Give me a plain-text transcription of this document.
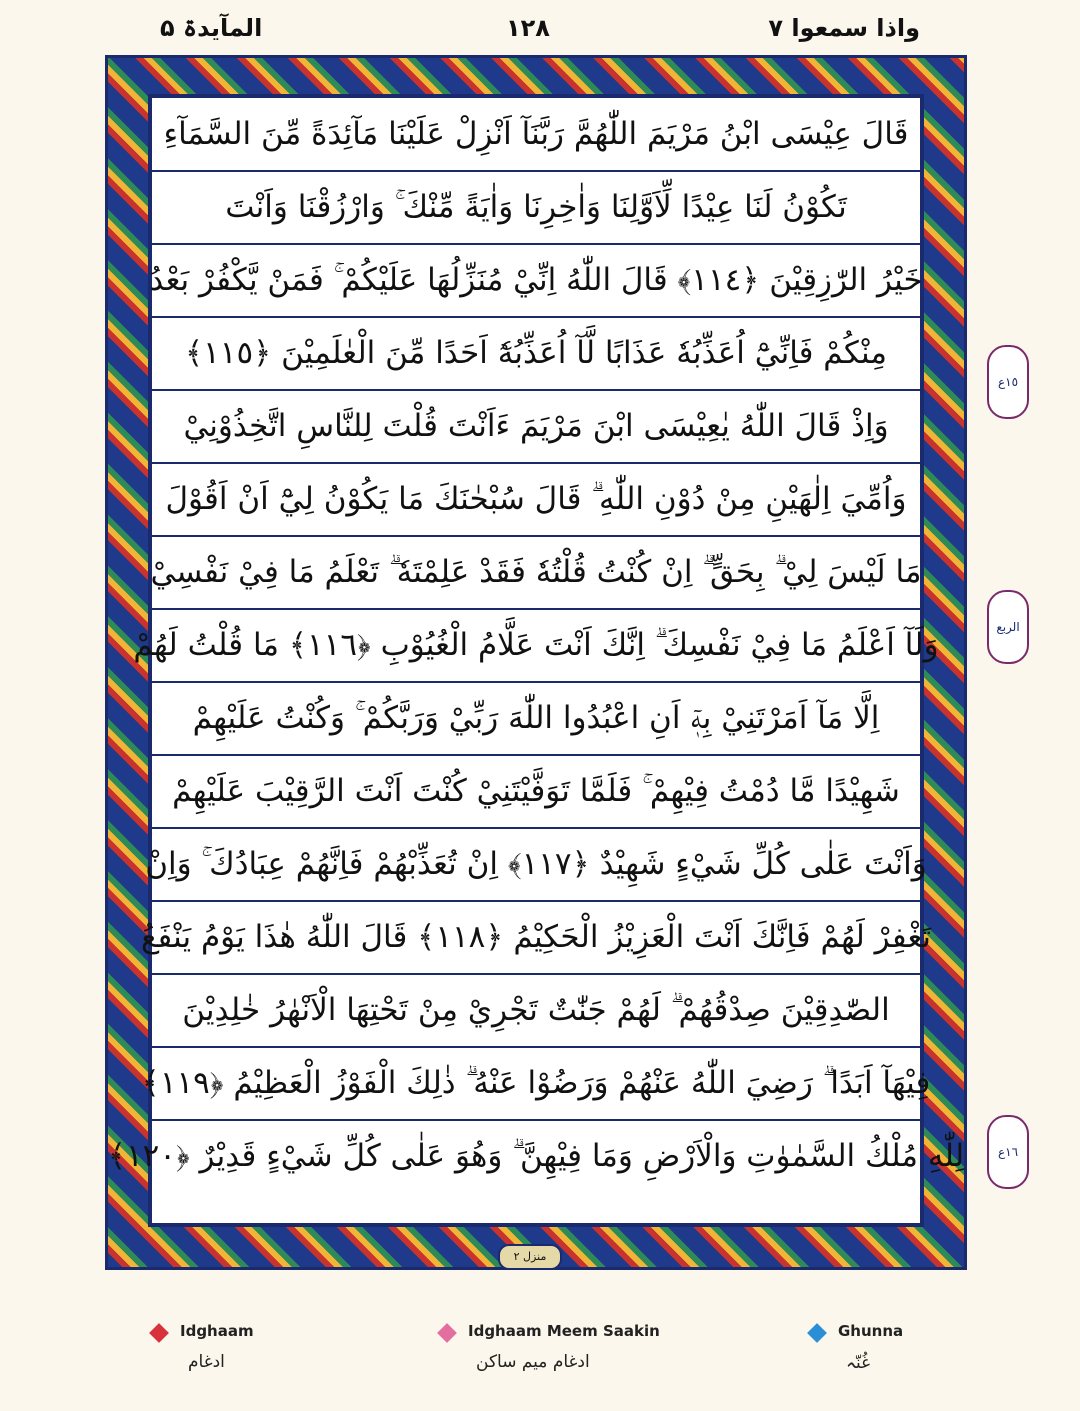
المآیدۃ ۵	١٢٨	واذا سمعوا ۷
قَالَ عِيْسَى ابْنُ مَرْيَمَ اللّٰهُمَّ رَبَّنَآ اَنْزِلْ عَلَيْنَا مَآئِدَةً مِّنَ السَّمَآءِ
تَكُوْنُ لَنَا عِيْدًا لِّاَوَّلِنَا وَاٰخِرِنَا وَاٰيَةً مِّنْكَ ۚ وَارْزُقْنَا وَاَنْتَ
خَيْرُ الرّٰزِقِيْنَ ﴿١١٤﴾ قَالَ اللّٰهُ اِنِّيْ مُنَزِّلُهَا عَلَيْكُمْ ۚ فَمَنْ يَّكْفُرْ بَعْدُ
مِنْكُمْ فَاِنِّيْٓ اُعَذِّبُهٗ عَذَابًا لَّآ اُعَذِّبُهٗٓ اَحَدًا مِّنَ الْعٰلَمِيْنَ ﴿١١٥﴾
وَاِذْ قَالَ اللّٰهُ يٰعِيْسَى ابْنَ مَرْيَمَ ءَاَنْتَ قُلْتَ لِلنَّاسِ اتَّخِذُوْنِيْ
وَاُمِّيَ اِلٰهَيْنِ مِنْ دُوْنِ اللّٰهِ ۗ قَالَ سُبْحٰنَكَ مَا يَكُوْنُ لِيْٓ اَنْ اَقُوْلَ
مَا لَيْسَ لِيْ ۗ بِحَقٍّ ۗ اِنْ كُنْتُ قُلْتُهٗ فَقَدْ عَلِمْتَهٗ ۗ تَعْلَمُ مَا فِيْ نَفْسِيْ
وَلَآ اَعْلَمُ مَا فِيْ نَفْسِكَ ۗ اِنَّكَ اَنْتَ عَلَّامُ الْغُيُوْبِ ﴿١١٦﴾ مَا قُلْتُ لَهُمْ
اِلَّا مَآ اَمَرْتَنِيْ بِهٖٓ اَنِ اعْبُدُوا اللّٰهَ رَبِّيْ وَرَبَّكُمْ ۚ وَكُنْتُ عَلَيْهِمْ
شَهِيْدًا مَّا دُمْتُ فِيْهِمْ ۚ فَلَمَّا تَوَفَّيْتَنِيْ كُنْتَ اَنْتَ الرَّقِيْبَ عَلَيْهِمْ
وَاَنْتَ عَلٰى كُلِّ شَيْءٍ شَهِيْدٌ ﴿١١٧﴾ اِنْ تُعَذِّبْهُمْ فَاِنَّهُمْ عِبَادُكَ ۚ وَاِنْ
تَغْفِرْ لَهُمْ فَاِنَّكَ اَنْتَ الْعَزِيْزُ الْحَكِيْمُ ﴿١١٨﴾ قَالَ اللّٰهُ هٰذَا يَوْمُ يَنْفَعُ
الصّٰدِقِيْنَ صِدْقُهُمْ ۗ لَهُمْ جَنّٰتٌ تَجْرِيْ مِنْ تَحْتِهَا الْاَنْهٰرُ خٰلِدِيْنَ
فِيْهَآ اَبَدًا ۗ رَضِيَ اللّٰهُ عَنْهُمْ وَرَضُوْا عَنْهُ ۗ ذٰلِكَ الْفَوْزُ الْعَظِيْمُ ﴿١١٩﴾
لِلّٰهِ مُلْكُ السَّمٰوٰتِ وَالْاَرْضِ وَمَا فِيْهِنَّ ۗ وَهُوَ عَلٰى كُلِّ شَيْءٍ قَدِيْرٌ ﴿١٢٠﴾
منزل ٢
١٥ع
الربع
١٦ع
Ghunna
غُنّہ
Idghaam Meem Saakin
ادغام میم ساکن
Idghaam
ادغام
